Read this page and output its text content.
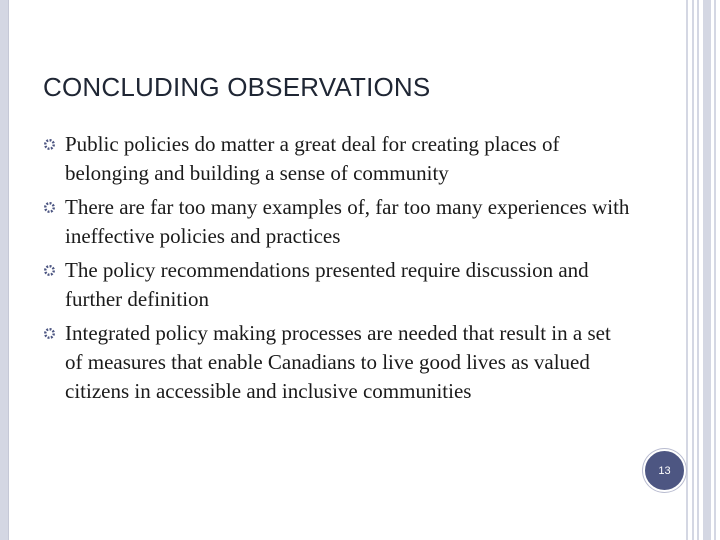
CONCLUDING OBSERVATIONS
Public policies do matter a great deal for creating places of belonging and building a sense of community
There are far too many examples of, far too many experiences with ineffective policies and practices
The policy recommendations presented require discussion and further definition
Integrated policy making processes are needed that result in a set of measures that enable Canadians to live good lives as valued citizens in accessible and inclusive communities
13
